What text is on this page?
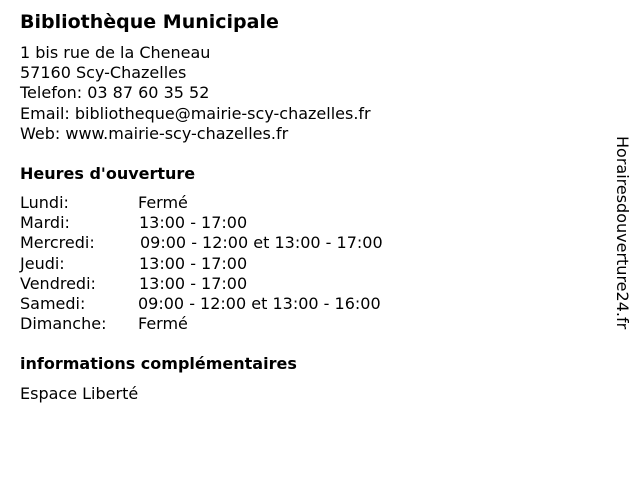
Bibliothèque Municipale
1 bis rue de la Cheneau
57160 Scy-Chazelles
Telefon: 03 87 60 35 52
Email: bibliotheque@mairie-scy-chazelles.fr
Web: www.mairie-scy-chazelles.fr
Heures d'ouverture
Lundi:	Fermé
Mardi:	13:00 - 17:00
Mercredi:	09:00 - 12:00 et 13:00 - 17:00
Jeudi:	13:00 - 17:00
Vendredi:	13:00 - 17:00
Samedi:	09:00 - 12:00 et 13:00 - 16:00
Dimanche: Fermé
informations complémentaires
Espace Liberté
Horairesdouverture24.fr
